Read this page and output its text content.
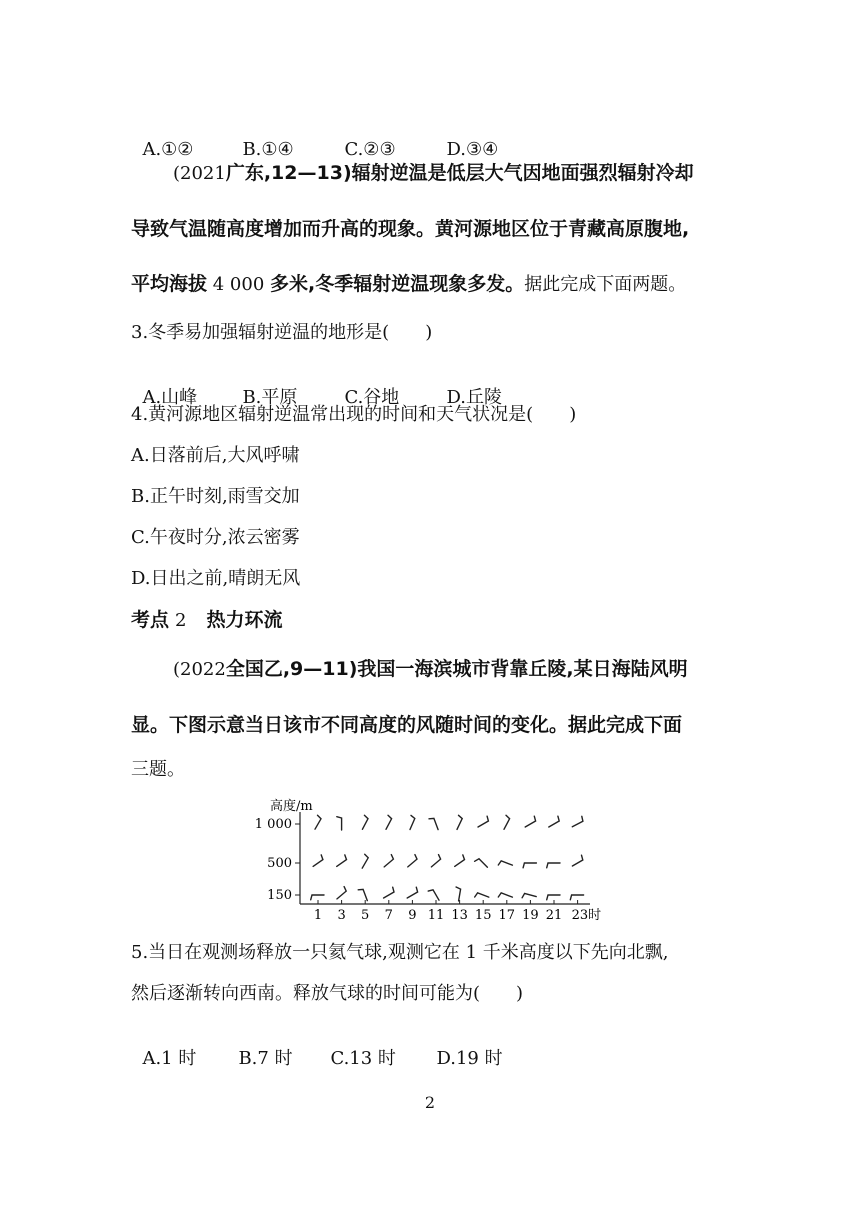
A.①②	B.①④	C.②③	D.③④

(2021广东,12—13)辐射逆温是低层大气因地面强烈辐射冷却
导致气温随高度增加而升高的现象。黄河源地区位于青藏高原腹地,
平均海拔 4 000 多米,冬季辐射逆温现象多发。据此完成下面两题。
3.冬季易加强辐射逆温的地形是(　　)

A.山峰	B.平原	C.谷地	D.丘陵

4.黄河源地区辐射逆温常出现的时间和天气状况是(　　)
A.日落前后,大风呼啸
B.正午时刻,雨雪交加
C.午夜时分,浓云密雾
D.日出之前,晴朗无风
考点 2 热力环流
(2022全国乙,9—11)我国一海滨城市背靠丘陵,某日海陆风明
显。下图示意当日该市不同高度的风随时间的变化。据此完成下面
三题。
高度/m
1 000
500
150
1 3 5 7 9 11 13 15 17 19 21 23时
5.当日在观测场释放一只氦气球,观测它在 1 千米高度以下先向北飘,
然后逐渐转向西南。释放气球的时间可能为(　　)

A.1 时 B.7 时 C.13 时 D.19 时

2
